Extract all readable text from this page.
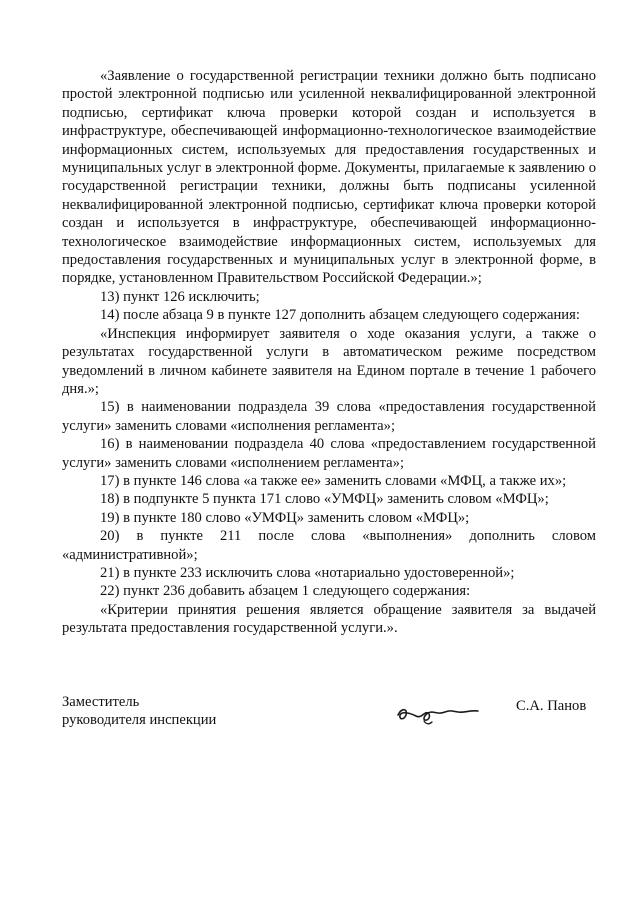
«Заявление о государственной регистрации техники должно быть подписано простой электронной подписью или усиленной неквалифицированной электронной подписью, сертификат ключа проверки которой создан и используется в инфраструктуре, обеспечивающей информационно-технологическое взаимодействие информационных систем, используемых для предоставления государственных и муниципальных услуг в электронной форме. Документы, прилагаемые к заявлению о государственной регистрации техники, должны быть подписаны усиленной неквалифицированной электронной подписью, сертификат ключа проверки которой создан и используется в инфраструктуре, обеспечивающей информационно-технологическое взаимодействие информационных систем, используемых для предоставления государственных и муниципальных услуг в электронной форме, в порядке, установленном Правительством Российской Федерации.»;

13) пункт 126 исключить;

14) после абзаца 9 в пункте 127 дополнить абзацем следующего содержания:

«Инспекция информирует заявителя о ходе оказания услуги, а также о результатах государственной услуги в автоматическом режиме посредством уведомлений в личном кабинете заявителя на Едином портале в течение 1 рабочего дня.»;

15) в наименовании подраздела 39 слова «предоставления государственной услуги» заменить словами «исполнения регламента»;

16) в наименовании подраздела 40 слова «предоставлением государственной услуги» заменить словами «исполнением регламента»;

17) в пункте 146 слова «а также ее» заменить словами «МФЦ, а также их»;

18) в подпункте 5 пункта 171 слово «УМФЦ» заменить словом «МФЦ»;

19) в пункте 180 слово «УМФЦ» заменить словом «МФЦ»;

20) в пункте 211 после слова «выполнения» дополнить словом «административной»;

21) в пункте 233 исключить слова «нотариально удостоверенной»;

22) пункт 236 добавить абзацем 1 следующего содержания:

«Критерии принятия решения является обращение заявителя за выдачей результата предоставления государственной услуги.».

Заместитель
руководителя инспекции
С.А. Панов
